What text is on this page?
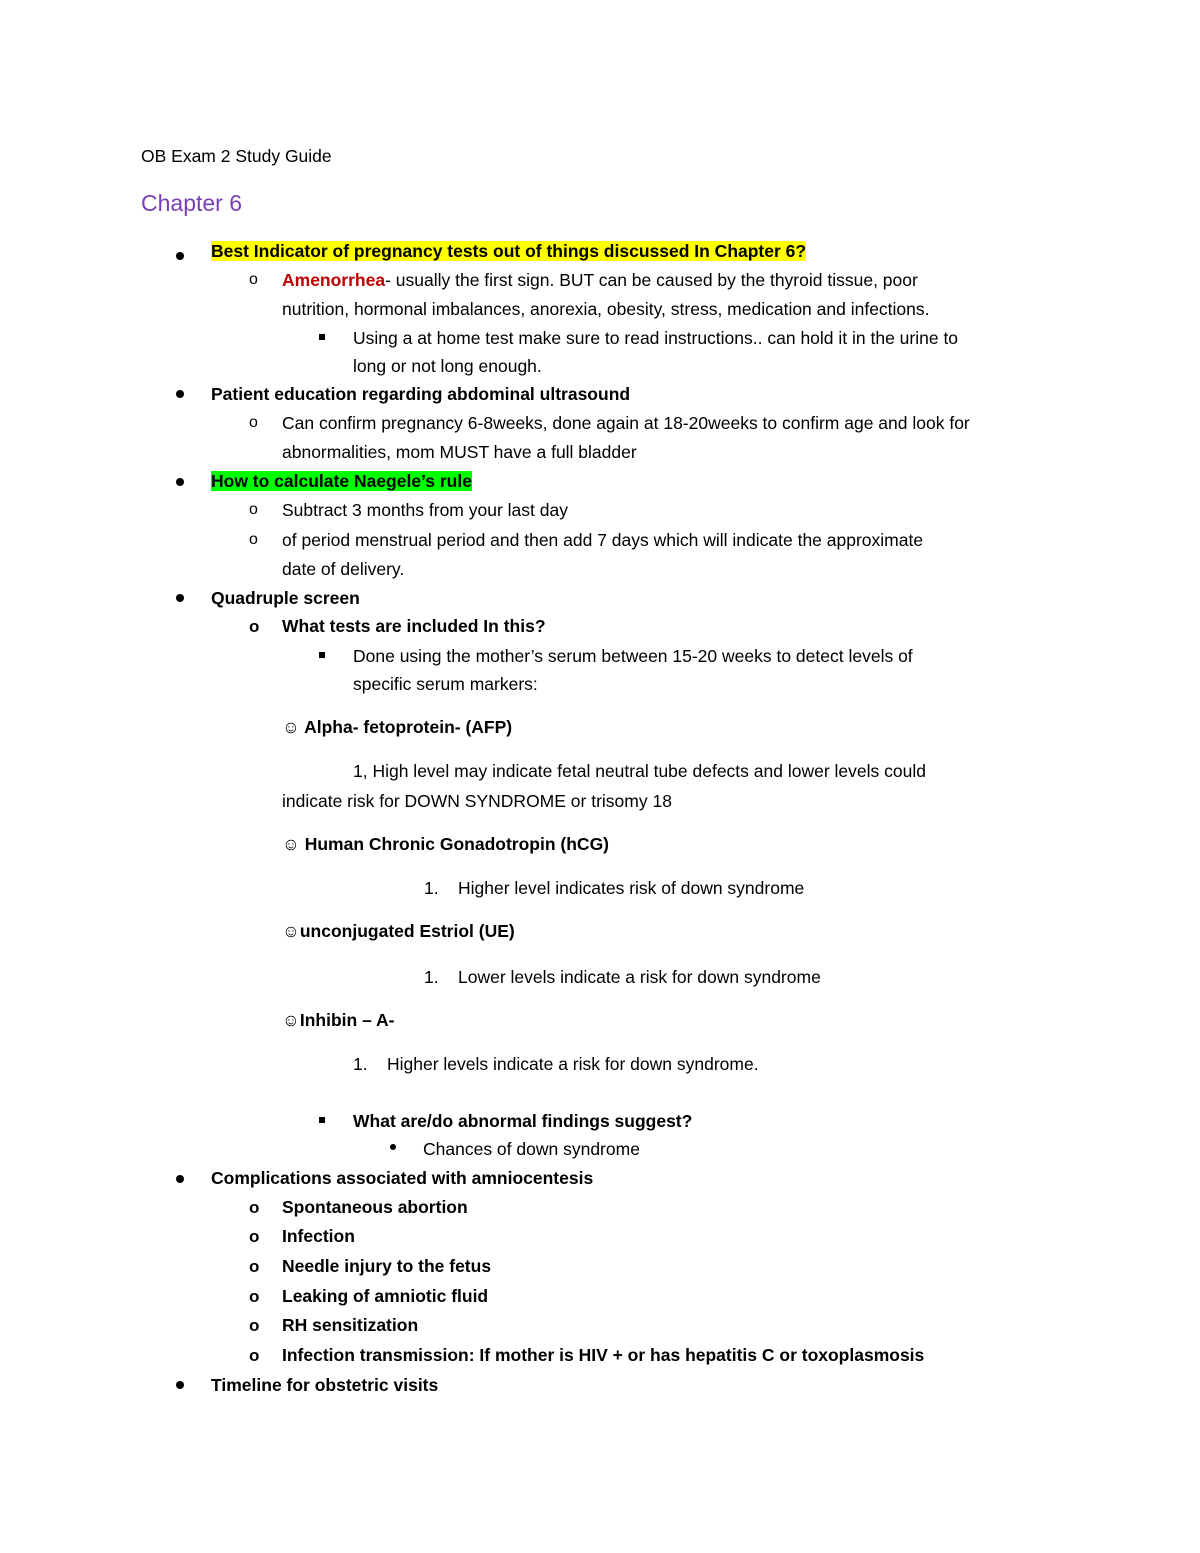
OB Exam 2 Study Guide
Chapter 6
Best Indicator of pregnancy tests out of things discussed In Chapter 6?
o Amenorrhea- usually the first sign. BUT can be caused by the thyroid tissue, poor
nutrition, hormonal imbalances, anorexia, obesity, stress, medication and infections.
Using a at home test make sure to read instructions.. can hold it in the urine to
long or not long enough.
Patient education regarding abdominal ultrasound
o Can confirm pregnancy 6-8weeks, done again at 18-20weeks to confirm age and look for
abnormalities, mom MUST have a full bladder
How to calculate Naegele’s rule
o Subtract 3 months from your last day
o of period menstrual period and then add 7 days which will indicate the approximate
date of delivery.
Quadruple screen
o What tests are included In this?
Done using the mother’s serum between 15-20 weeks to detect levels of
specific serum markers:
☺ Alpha- fetoprotein- (AFP)
1, High level may indicate fetal neutral tube defects and lower levels could
indicate risk for DOWN SYNDROME or trisomy 18
☺ Human Chronic Gonadotropin (hCG)
1. Higher level indicates risk of down syndrome
☺unconjugated Estriol (UE)
1. Lower levels indicate a risk for down syndrome
☺Inhibin – A-
1. Higher levels indicate a risk for down syndrome.
What are/do abnormal findings suggest?
Chances of down syndrome
Complications associated with amniocentesis
o Spontaneous abortion
o Infection
o Needle injury to the fetus
o Leaking of amniotic fluid
o RH sensitization
o Infection transmission: If mother is HIV + or has hepatitis C or toxoplasmosis
Timeline for obstetric visits
